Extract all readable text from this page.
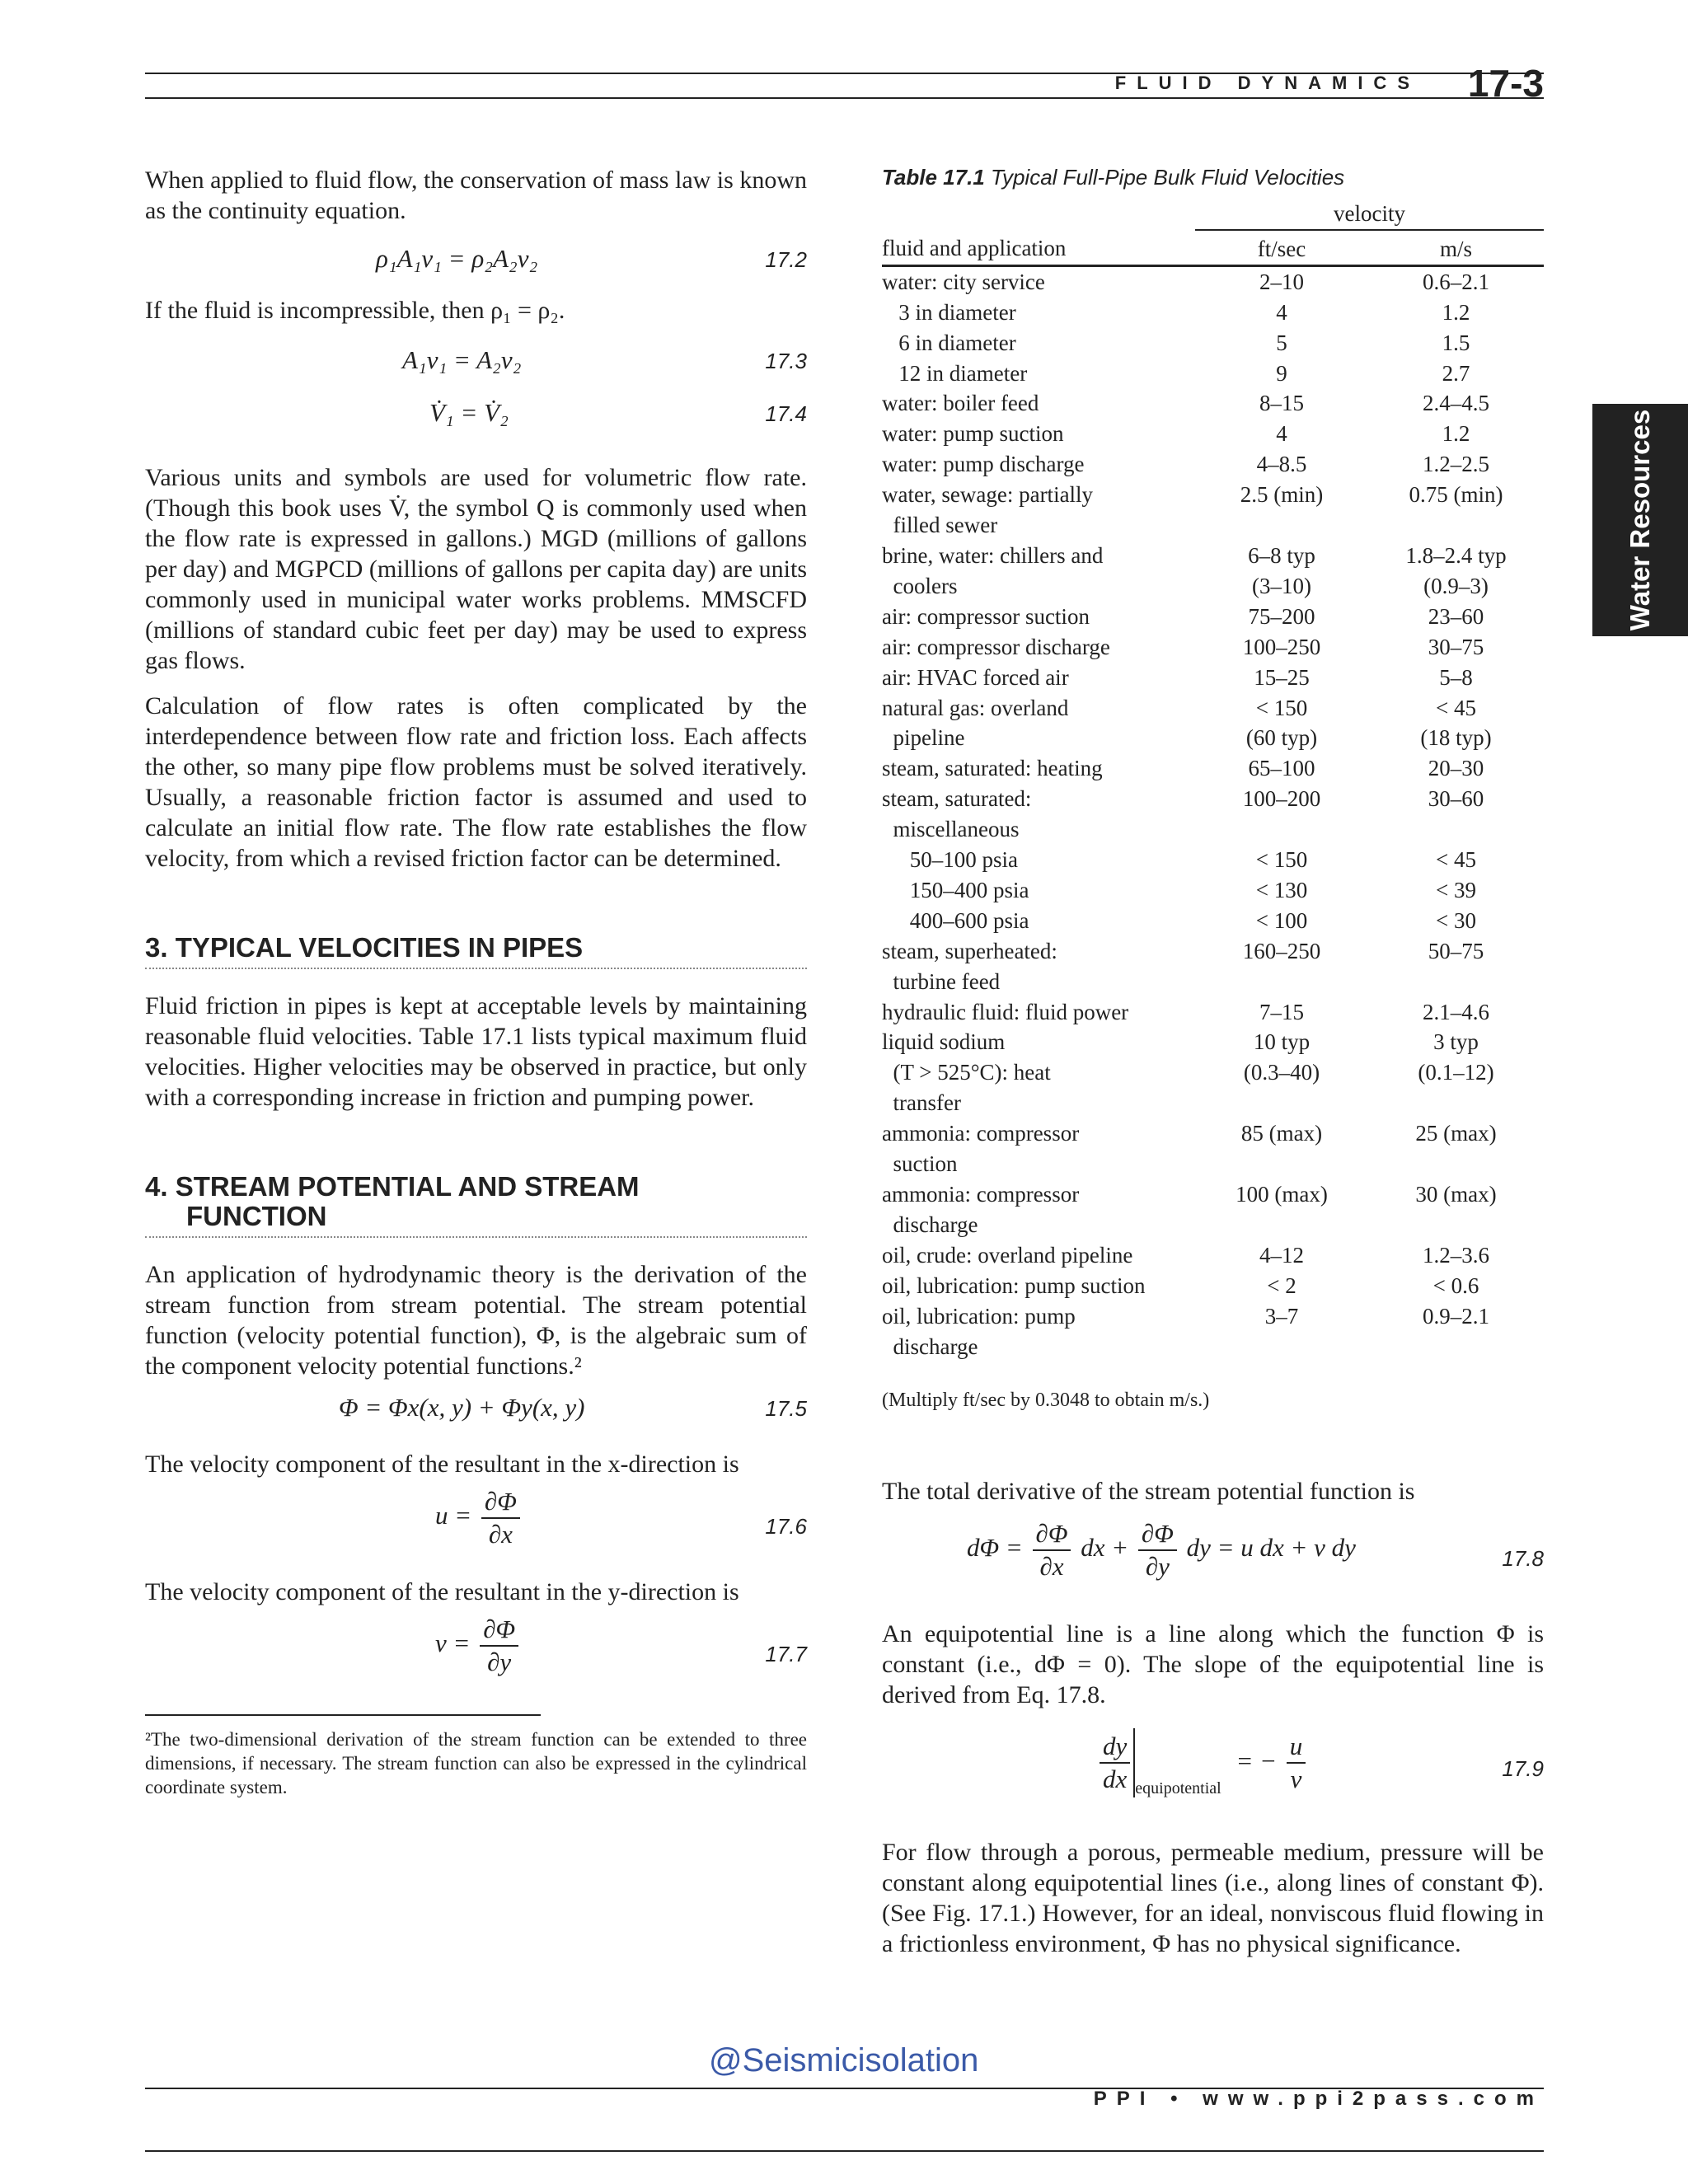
FLUID DYNAMICS 17-3
Water Resources

When applied to fluid flow, the conservation of mass law is known as the continuity equation.

ρ₁A₁v₁ = ρ₂A₂v₂	17.2

If the fluid is incompressible, then ρ₁ = ρ₂.

A₁v₁ = A₂v₂	17.3
V̇₁ = V̇₂	17.4

Various units and symbols are used for volumetric flow rate. (Though this book uses V̇, the symbol Q is commonly used when the flow rate is expressed in gallons.) MGD (millions of gallons per day) and MGPCD (millions of gallons per capita day) are units commonly used in municipal water works problems. MMSCFD (millions of standard cubic feet per day) may be used to express gas flows.

Calculation of flow rates is often complicated by the interdependence between flow rate and friction loss. Each affects the other, so many pipe flow problems must be solved iteratively. Usually, a reasonable friction factor is assumed and used to calculate an initial flow rate. The flow rate establishes the flow velocity, from which a revised friction factor can be determined.

3. TYPICAL VELOCITIES IN PIPES

Fluid friction in pipes is kept at acceptable levels by maintaining reasonable fluid velocities. Table 17.1 lists typical maximum fluid velocities. Higher velocities may be observed in practice, but only with a corresponding increase in friction and pumping power.

4. STREAM POTENTIAL AND STREAM
FUNCTION

An application of hydrodynamic theory is the derivation of the stream function from stream potential. The stream potential function (velocity potential function), Φ, is the algebraic sum of the component velocity potential functions.²

Φ = Φx(x, y) + Φy(x, y)	17.5

The velocity component of the resultant in the x-direction is

$u = \frac{\partial\Phi}{\partial x}$	17.6

The velocity component of the resultant in the y-direction is

$v = \frac{\partial\Phi}{\partial y}$	17.7
²The two-dimensional derivation of the stream function can be extended to three dimensions, if necessary. The stream function can also be expressed in the cylindrical coordinate system.
Table 17.1 Typical Full-Pipe Bulk Fluid Velocities
	velocity	
fluid and application	ft/sec	m/s
water: city service	2–10	0.6–2.1
3 in diameter	4	1.2
6 in diameter	5	1.5
12 in diameter	9	2.7
water: boiler feed	8–15	2.4–4.5
water: pump suction	4	1.2
water: pump discharge	4–8.5	1.2–2.5
water, sewage: partially	2.5 (min)	0.75 (min)
filled sewer		
brine, water: chillers and	6–8 typ	1.8–2.4 typ
coolers	(3–10)	(0.9–3)
air: compressor suction	75–200	23–60
air: compressor discharge	100–250	30–75
air: HVAC forced air	15–25	5–8
natural gas: overland	< 150	< 45
pipeline	(60 typ)	(18 typ)
steam, saturated: heating	65–100	20–30
steam, saturated:	100–200	30–60
miscellaneous		
50–100 psia	< 150	< 45
150–400 psia	< 130	< 39
400–600 psia	< 100	< 30
steam, superheated:	160–250	50–75
turbine feed		
hydraulic fluid: fluid power	7–15	2.1–4.6
liquid sodium	10 typ	3 typ
(T > 525°C): heat	(0.3–40)	(0.1–12)
transfer		
ammonia: compressor	85 (max)	25 (max)
suction		
ammonia: compressor	100 (max)	30 (max)
discharge		
oil, crude: overland pipeline	4–12	1.2–3.6
oil, lubrication: pump suction	< 2	< 0.6
oil, lubrication: pump	3–7	0.9–2.1
discharge		
(Multiply ft/sec by 0.3048 to obtain m/s.)

The total derivative of the stream potential function is

$d\Phi = \frac{\partial\Phi}{\partial x}$ dx + $\frac{\partial\Phi}{\partial y}$ dy = u dx + v dy	17.8

An equipotential line is a line along which the function Φ is constant (i.e., dΦ = 0). The slope of the equipotential line is derived from Eq. 17.8.

$\frac{dy}{dx} _{equipotential}$ = − $\frac{u}{v}$	17.9

For flow through a porous, permeable medium, pressure will be constant along equipotential lines (i.e., along lines of constant Φ). (See Fig. 17.1.) However, for an ideal, nonviscous fluid flowing in a frictionless environment, Φ has no physical significance.

@Seismicisolation
PPI • www.ppi2pass.com
